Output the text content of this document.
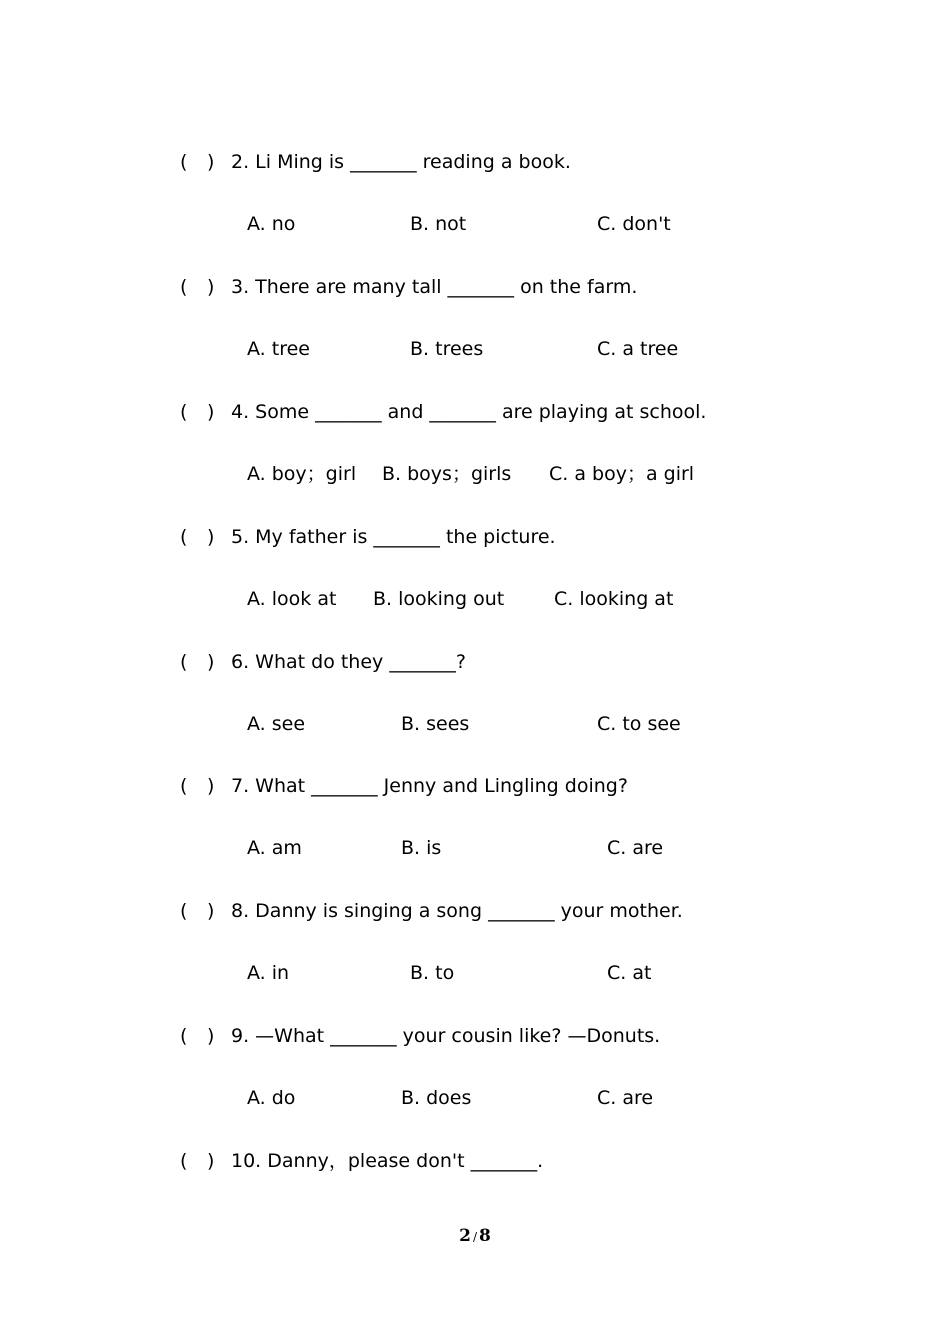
( ) 2. Li Ming is _______ reading a book.
A. no	B. not	C. don't
( ) 3. There are many tall _______ on the farm.
A. tree	B. trees	C. a tree
( ) 4. Some _______ and _______ are playing at school.
A. boy；girl B. boys；girls C. a boy；a girl
( ) 5. My father is _______ the picture.
A. look at B. looking out	C. looking at
( ) 6. What do they _______?
A. see	B. sees	C. to see
( ) 7. What _______ Jenny and Lingling doing?
A. am	B. is	C. are
( ) 8. Danny is singing a song _______ your mother.
A. in	B. to	C. at
( ) 9. —What _______ your cousin like? —Donuts.
A. do	B. does	C. are
( ) 10. Danny，please don't _______.
2 / 8
